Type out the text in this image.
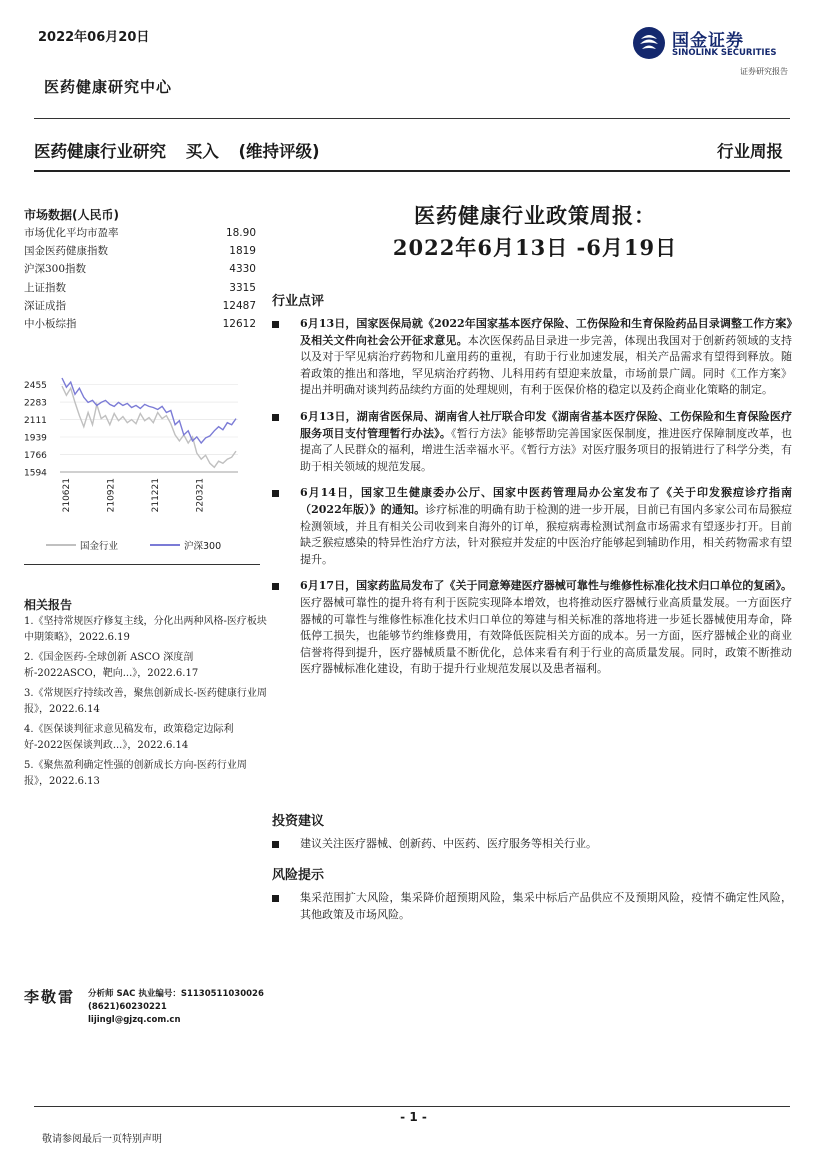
2022年06月20日	国金证券
SINOLINK SECURITIES
证券研究报告
医药健康研究中心
医药健康行业研究 买入 (维持评级)	行业周报
市场数据(人民币)
市场优化平均市盈率	18.90
国金医药健康指数	1819
沪深300指数	4330
上证指数	3315
深证成指	12487
中小板综指	12612
1594
1766
1939
2111
2283
2455
210621	210921	211221	220321
国金行业	沪深300
相关报告
1.《坚持常规医疗修复主线，分化出两种风格-医疗板块中期策略》，2022.6.19
2.《国金医药-全球创新 ASCO 深度剖析-2022ASCO，靶向...》，2022.6.17
3.《常规医疗持续改善，聚焦创新成长-医药健康行业周报》，2022.6.14
4.《医保谈判征求意见稿发布，政策稳定边际利好-2022医保谈判政...》，2022.6.14
5.《聚焦盈利确定性强的创新成长方向-医药行业周报》，2022.6.13
医药健康行业政策周报：
2022年6月13日 -6月19日
行业点评
6月13日，国家医保局就《2022年国家基本医疗保险、工伤保险和生育保险药品目录调整工作方案》及相关文件向社会公开征求意见。本次医保药品目录进一步完善，体现出我国对于创新药领域的支持以及对于罕见病治疗药物和儿童用药的重视，有助于行业加速发展，相关产品需求有望得到释放。随着政策的推出和落地，罕见病治疗药物、儿科用药有望迎来放量，市场前景广阔。同时《工作方案》提出并明确对谈判药品续约方面的处理规则，有利于医保价格的稳定以及药企商业化策略的制定。
6月13日，湖南省医保局、湖南省人社厅联合印发《湖南省基本医疗保险、工伤保险和生育保险医疗服务项目支付管理暂行办法》。《暂行方法》能够帮助完善国家医保制度，推进医疗保障制度改革，也提高了人民群众的福利，增进生活幸福水平。《暂行方法》对医疗服务项目的报销进行了科学分类，有助于相关领域的规范发展。
6月14日，国家卫生健康委办公厅、国家中医药管理局办公室发布了《关于印发猴痘诊疗指南（2022年版）》的通知。诊疗标准的明确有助于检测的进一步开展，目前已有国内多家公司布局猴痘检测领域，并且有相关公司收到来自海外的订单，猴痘病毒检测试剂盒市场需求有望逐步打开。目前缺乏猴痘感染的特异性治疗方法，针对猴痘并发症的中医治疗能够起到辅助作用，相关药物需求有望提升。
6月17日，国家药监局发布了《关于同意筹建医疗器械可靠性与维修性标准化技术归口单位的复函》。医疗器械可靠性的提升将有利于医院实现降本增效，也将推动医疗器械行业高质量发展。一方面医疗器械的可靠性与维修性标准化技术归口单位的筹建与相关标准的落地将进一步延长器械使用寿命，降低停工损失，也能够节约维修费用，有效降低医院相关方面的成本。另一方面，医疗器械企业的商业信誉将得到提升，医疗器械质量不断优化，总体来看有利于行业的高质量发展。同时，政策不断推动医疗器械标准化建设，有助于提升行业规范发展以及患者福利。
投资建议
建议关注医疗器械、创新药、中医药、医疗服务等相关行业。
风险提示
集采范围扩大风险，集采降价超预期风险，集采中标后产品供应不及预期风险，疫情不确定性风险，其他政策及市场风险。
李敬雷 分析师 SAC 执业编号：S1130511030026
(8621)60230221
lijingl@gjzq.com.cn
- 1 -
敬请参阅最后一页特别声明
